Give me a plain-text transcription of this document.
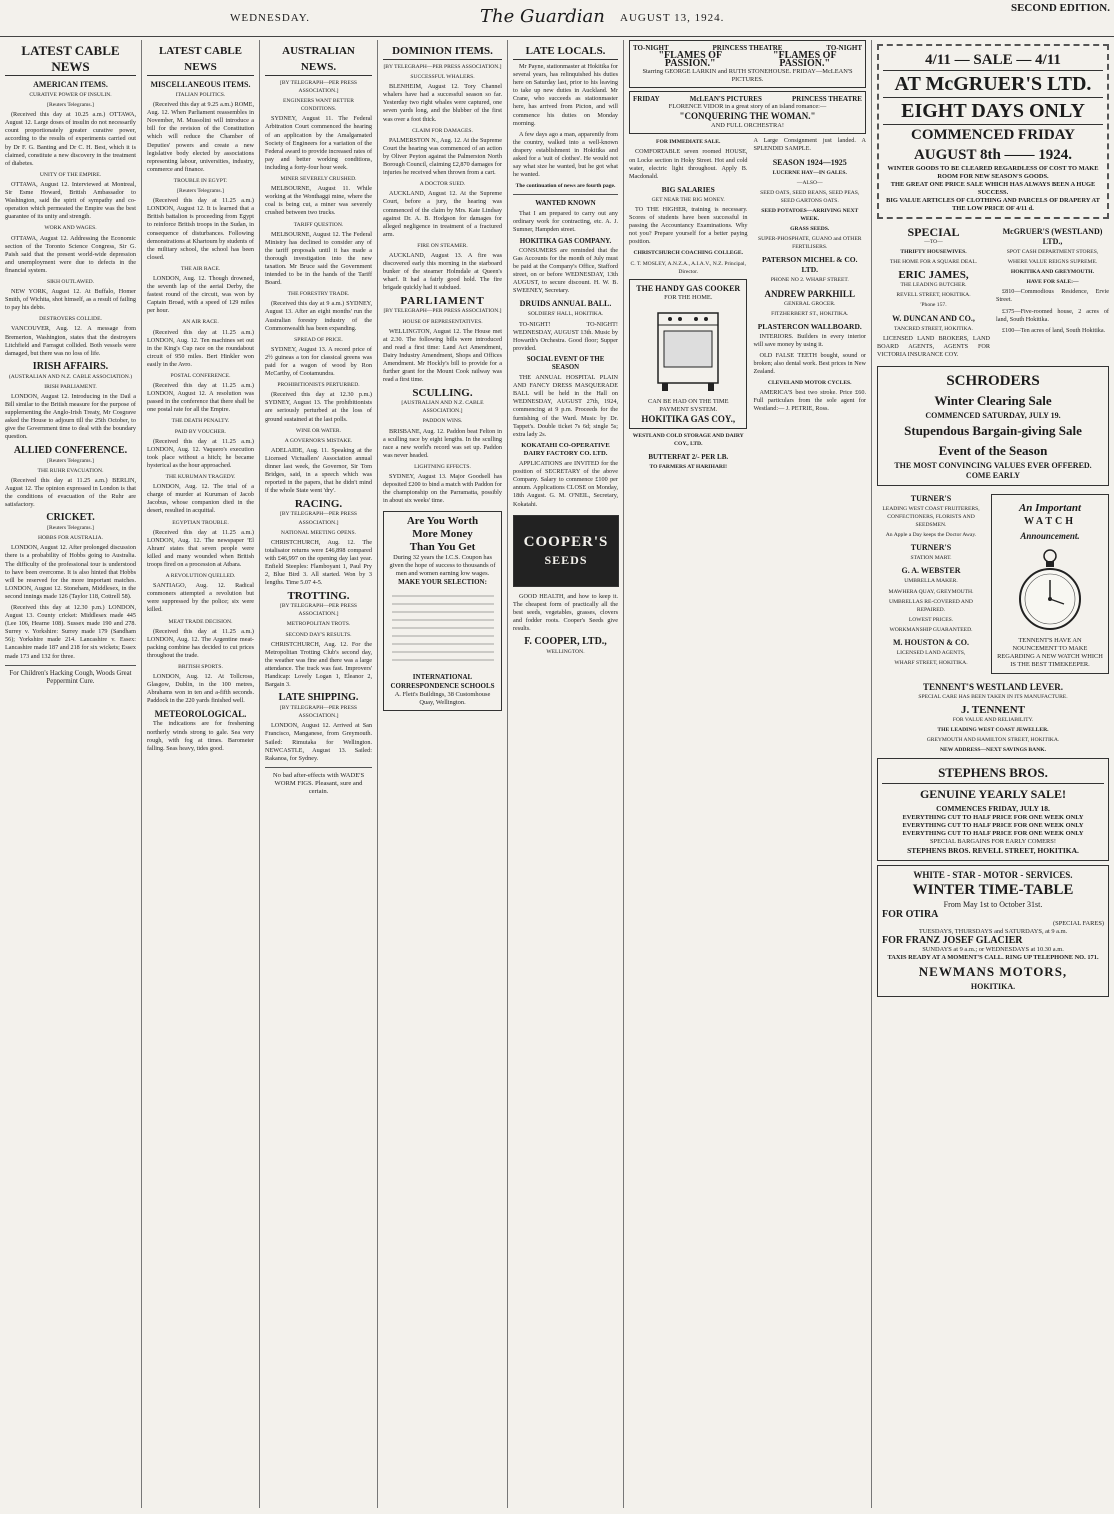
WEDNESDAY.	The Guardian AUGUST 13, 1924.
SECOND EDITION.
LATEST CABLE NEWS
AMERICAN ITEMS.
CURATIVE POWER OF INSULIN.
[Reuters Telegrams.]
(Received this day at 10.25 a.m.) OTTAWA, August 12. Large doses of insulin do not necessarily count proportionately greater curative power, according to the results of experiments carried out by Dr F. G. Banting and Dr C. H. Best, which it is claimed, constitute a new discovery in the treatment of diabetes.
UNITY OF THE EMPIRE.
OTTAWA, August 12. Interviewed at Montreal, Sir Esme Howard, British Ambassador to Washington, said the spirit of sympathy and co-operation which permeated the Empire was the best guarantee of its unity and strength.
WORK AND WAGES.
OTTAWA, August 12. Addressing the Economic section of the Toronto Science Congress, Sir G. Paish said that the present world-wide depression and unemployment were due to defects in the financial system.
SIKH OUTLAWED.
NEW YORK, August 12. At Buffalo, Homer Smith, of Wichita, shot himself, as a result of failing to pay his debts.
DESTROYERS COLLIDE.
VANCOUVER, Aug. 12. A message from Bremerton, Washington, states that the destroyers Litchfield and Farragut collided. Both vessels were damaged, but there was no loss of life.
IRISH AFFAIRS.
(AUSTRALIAN AND N.Z. CABLE ASSOCIATION.)
IRISH PARLIAMENT.
LONDON, August 12. Introducing in the Dail a Bill similar to the British measure for the purpose of supplementing the Anglo-Irish Treaty, Mr Cosgrave asked the House to adjourn till the 25th October, to give the Government time to deal with the boundary question.
ALLIED CONFERENCE.
[Reuters Telegrams.]
THE RUHR EVACUATION.
(Received this day at 11.25 a.m.) BERLIN, August 12. The opinion expressed in London is that the conditions of evacuation of the Ruhr are satisfactory.
CRICKET.
[Reuters Telegrams.]
HOBBS FOR AUSTRALIA.
LONDON, August 12. After prolonged discussion there is a probability of Hobbs going to Australia. The difficulty of the professional tour is understood to have been overcome. It is also hinted that Hobbs will be reserved for the more important matches. LONDON, August 12. Stoneham, Middlesex, in the second innings made 126 (Taylor 118, Cottrell 58).
(Received this day at 12.30 p.m.) LONDON, August 13. County cricket: Middlesex made 445 (Lee 106, Hearne 108). Sussex made 190 and 278. Surrey v. Yorkshire: Surrey made 179 (Sandham 56); Yorkshire made 214. Lancashire v. Essex: Lancashire made 187 and 218 for six wickets; Essex made 173 and 132 for three.
For Children's Hacking Cough, Woods Great Peppermint Cure.
LATEST CABLE NEWS
MISCELLANEOUS ITEMS.
ITALIAN POLITICS.
(Received this day at 9.25 a.m.) ROME, Aug. 12. When Parliament reassembles in November, M. Mussolini will introduce a bill for the revision of the Constitution which will reduce the Chamber of Deputies' powers and create a new legislative body elected by associations representing labour, universities, industry, commerce and finance.
TROUBLE IN EGYPT.
[Reuters Telegrams.]
(Received this day at 11.25 a.m.) LONDON, August 12. It is learned that a British battalion is proceeding from Egypt to reinforce British troops in the Sudan, in consequence of disturbances. Following demonstrations at Khartoum by students of the military school, the school has been closed.
THE AIR RACE.
LONDON, Aug. 12. Though drowned, the seventh lap of the aerial Derby, the fastest round of the circuit, was won by Captain Broad, with a speed of 129 miles per hour.
AN AIR RACE.
(Received this day at 11.25 a.m.) LONDON, Aug. 12. Ten machines set out in the King's Cup race on the roundabout circuit of 950 miles. Bert Hinkler won easily in the Avro.
POSTAL CONFERENCE.
(Received this day at 11.25 a.m.) LONDON, August 12. A resolution was passed in the conference that there shall be one postal rate for all the Empire.
THE DEATH PENALTY.
PAID BY VOUCHER.
(Received this day at 11.25 a.m.) LONDON, Aug. 12. Vaquero's execution took place without a hitch; he became hysterical as the hour approached.
THE KURUMAN TRAGEDY.
LONDON, Aug. 12. The trial of a charge of murder at Kuruman of Jacob Jacobus, whose companion died in the desert, resulted in acquittal.
EGYPTIAN TROUBLE.
(Received this day at 11.25 a.m.) LONDON, Aug. 12. The newspaper 'El Ahram' states that seven people were killed and many wounded when British troops fired on a procession at Atbara.
A REVOLUTION QUELLED.
SANTIAGO, Aug. 12. Radical commoners attempted a revolution but were suppressed by the police; six were killed.
MEAT TRADE DECISION.
(Received this day at 11.25 a.m.) LONDON, Aug. 12. The Argentine meat-packing combine has decided to cut prices throughout the trade.
BRITISH SPORTS.
LONDON, Aug. 12. At Tollcross, Glasgow, Dublin, in the 100 metres, Abrahams won in ten and a-fifth seconds. Paddock in the 220 yards finished well.
METEOROLOGICAL.
The indications are for freshening northerly winds strong to gale. Sea very rough, with fog at times. Barometer falling. Seas heavy, tides good.
AUSTRALIAN NEWS.
[BY TELEGRAPH—PER PRESS ASSOCIATION.]
ENGINEERS WANT BETTER CONDITIONS.
SYDNEY, August 11. The Federal Arbitration Court commenced the hearing of an application by the Amalgamated Society of Engineers for a variation of the Federal award to provide increased rates of pay and better working conditions, including a forty-four hour week.
MINER SEVERELY CRUSHED.
MELBOURNE, August 11. While working at the Wonthaggi mine, where the coal is being cut, a miner was severely crushed between two trucks.
TARIFF QUESTION.
MELBOURNE, August 12. The Federal Ministry has declined to consider any of the tariff proposals until it has made a thorough investigation into the new taxation. Mr Bruce said the Government intended to be in the hands of the Tariff Board.
THE FORESTRY TRADE.
(Received this day at 9 a.m.) SYDNEY, August 13. After an eight months' run the Australian forestry industry of the Commonwealth has been expanding.
SPREAD OF PRICE.
SYDNEY, August 13. A record price of 2½ guineas a ton for classical greens was paid for a wagon of wood by Ron McCarthy, of Cootamundra.
PROHIBITIONISTS PERTURBED.
(Received this day at 12.30 p.m.) SYDNEY, August 13. The prohibitionists are seriously perturbed at the loss of ground sustained at the last polls.
WINE OR WATER.
A GOVERNOR'S MISTAKE.
ADELAIDE, Aug. 11. Speaking at the Licensed Victuallers' Association annual dinner last week, the Governor, Sir Tom Bridges, said, in a speech which was reported in the papers, that he didn't mind if the whole State went 'dry'.
RACING.
[BY TELEGRAPH—PER PRESS ASSOCIATION.]
NATIONAL MEETING OPENS.
CHRISTCHURCH, Aug. 12. The totalisator returns were £46,898 compared with £46,997 on the opening day last year. Enfield Steeples: Flamboyant 1, Paul Pry 2, Blue Bird 3. All started. Won by 3 lengths. Time 5.07 4-5.
TROTTING.
[BY TELEGRAPH—PER PRESS ASSOCIATION.]
METROPOLITAN TROTS.
SECOND DAY'S RESULTS.
CHRISTCHURCH, Aug. 12. For the Metropolitan Trotting Club's second day, the weather was fine and there was a large attendance. The track was fast. Improvers' Handicap: Lovely Logan 1, Eleanor 2, Bargain 3.
LATE SHIPPING.
[BY TELEGRAPH—PER PRESS ASSOCIATION.]
LONDON, August 12. Arrived at San Francisco, Manganese, from Greymouth. Sailed: Rimutaka for Wellington. NEWCASTLE, August 13. Sailed: Rakanoa, for Sydney.
No bad after-effects with WADE'S WORM FIGS. Pleasant, sure and certain.
DOMINION ITEMS.
[BY TELEGRAPH—PER PRESS ASSOCIATION.]
SUCCESSFUL WHALERS.
BLENHEIM, August 12. Tory Channel whalers have had a successful season so far. Yesterday two right whales were captured, one seven yards long, and the blubber of the first was over a foot thick.
CLAIM FOR DAMAGES.
PALMERSTON N., Aug. 12. At the Supreme Court the hearing was commenced of an action by Oliver Peyton against the Palmerston North Borough Council, claiming £2,870 damages for injuries he received when thrown from a cart.
A DOCTOR SUED.
AUCKLAND, August 12. At the Supreme Court, before a jury, the hearing was commenced of the claim by Mrs. Kate Lindsay against Dr. A. B. Hodgson for damages for alleged negligence in treatment of a fractured arm.
FIRE ON STEAMER.
AUCKLAND, August 13. A fire was discovered early this morning in the starboard bunker of the steamer Holmdale at Queen's wharf. It had a fairly good hold. The fire brigade quickly had it subdued.
PARLIAMENT
[BY TELEGRAPH—PER PRESS ASSOCIATION.]
HOUSE OF REPRESENTATIVES.
WELLINGTON, August 12. The House met at 2.30. The following bills were introduced and read a first time: Land Act Amendment, Dairy Industry Amendment, Shops and Offices Amendment. Mr Hockly's bill to provide for a further grant for the Mount Cook railway was read a first time.
SCULLING.
[AUSTRALIAN AND N.Z. CABLE ASSOCIATION.]
PADDON WINS.
BRISBANE, Aug. 12. Paddon beat Felton in a sculling race by eight lengths. In the sculling race a new world's record was set up. Paddon was never headed.
LIGHTNING EFFECTS.
SYDNEY, August 13. Major Goodsell has deposited £200 to bind a match with Paddon for the championship on the Parramatta, possibly in about six weeks' time.
Are You Worth
More Money
Than You Get
During 32 years the I.C.S. Coupon has given the hope of success to thousands of men and women earning low wages.
MAKE YOUR SELECTION:
INTERNATIONAL CORRESPONDENCE SCHOOLS
A. Flett's Buildings, 38 Customhouse Quay, Wellington.
LATE LOCALS.
Mr Payne, stationmaster at Hokitika for several years, has relinquished his duties here on Saturday last, prior to his leaving to take up new duties in Auckland. Mr Crane, who succeeds as stationmaster here, has arrived from Picton, and will commence his duties on Monday morning.
A few days ago a man, apparently from the country, walked into a well-known drapery establishment in Hokitika and asked for a 'suit of clothes'. He would not say what size he wanted, but he got what he wanted.
The continuation of news are fourth page.
WANTED KNOWN
That I am prepared to carry out any ordinary work for contracting, etc. A. J. Sumner, Hampden street.
HOKITIKA GAS COMPANY.
CONSUMERS are reminded that the Gas Accounts for the month of July must be paid at the Company's Office, Stafford street, on or before WEDNESDAY, 13th AUGUST, to secure discount. H. W. B. SWEENEY, Secretary.
DRUIDS ANNUAL BALL.
SOLDIERS' HALL, HOKITIKA.
TO-NIGHT! TO-NIGHT! WEDNESDAY, AUGUST 13th. Music by Howarth's Orchestra. Good floor; Supper provided.
SOCIAL EVENT OF THE SEASON
THE ANNUAL HOSPITAL PLAIN AND FANCY DRESS MASQUERADE BALL will be held in the Hall on WEDNESDAY, AUGUST 27th, 1924, commencing at 9 p.m. Proceeds for the furnishing of the Ward. Music by Dr. Tappet's. Double ticket 7s 6d; single 5s; extra lady 2s.
KOKATAHI CO-OPERATIVE DAIRY FACTORY CO. LTD.
APPLICATIONS are INVITED for the position of SECRETARY of the above Company. Salary to commence £100 per annum. Applications CLOSE on Monday, 18th August. G. M. O'NEIL, Secretary, Kokatahi.
COOPER'S
SEEDS
GOOD HEALTH, and how to keep it. The cheapest form of practically all the best seeds, vegetables, grasses, clovers and fodder roots. Cooper's Seeds give results.
F. COOPER, LTD.,
WELLINGTON.
TO-NIGHT	PRINCESS THEATRE	TO-NIGHT
"FLAMES OF PASSION."
"FLAMES OF PASSION."
Starring GEORGE LARKIN and RUTH STONEHOUSE. FRIDAY—McLEAN'S PICTURES.
FRIDAY	McLEAN'S PICTURES	PRINCESS THEATRE
FLORENCE VIDOR in a great story of an island romance:—
"CONQUERING THE WOMAN."
AND FULL ORCHESTRA!
FOR IMMEDIATE SALE.
COMFORTABLE seven roomed HOUSE, on Locke section in Hoky Street. Hot and cold water, electric light throughout. Apply B. Macdonald.
BIG SALARIES
GET NEAR THE BIG MONEY.
TO THE HIGHER, training is necessary. Scores of students have been successful in passing the Accountancy Examinations. Why not you? Prepare yourself for a better paying position.
CHRISTCHURCH COACHING COLLEGE.
C. T. MOSLEY, A.N.Z.A., A.I.A.V., N.Z. Principal, Director.
THE HANDY GAS COOKER
FOR THE HOME.
CAN BE HAD ON THE TIME PAYMENT SYSTEM.
HOKITIKA GAS COY.,
WESTLAND COLD STORAGE AND DAIRY COY., LTD.
BUTTERFAT 2/- PER LB.
TO FARMERS AT HARIHARI!
A Large Consignment just landed. A SPLENDID SAMPLE.
SEASON 1924—1925
LUCERNE HAY—IN GALES.
—ALSO—
SEED OATS, SEED BEANS, SEED PEAS, SEED GARTONS OATS.
SEED POTATOES—ARRIVING NEXT WEEK.
GRASS SEEDS.
SUPER-PHOSPHATE, GUANO and OTHER FERTILISERS.
PATERSON MICHEL & CO. LTD.
PHONE NO 2. WHARF STREET.
ANDREW PARKHILL
GENERAL GROCER.
FITZHERBERT ST., HOKITIKA.
PLASTERCON WALLBOARD.
INTERIORS. Builders in every interior will save money by using it.
OLD FALSE TEETH bought, sound or broken; also dental work. Best prices in New Zealand.
CLEVELAND MOTOR CYCLES.
AMERICA'S best two stroke. Price £60. Full particulars from the sole agent for Westland:— J. PETRIE, Ross.
4/11 — SALE — 4/11
AT McGRUER'S LTD.
EIGHT DAYS ONLY
COMMENCED FRIDAY
AUGUST 8th —— 1924.
WINTER GOODS TO BE CLEARED REGARDLESS OF COST TO MAKE ROOM FOR NEW SEASON'S GOODS.
THE GREAT ONE PRICE SALE WHICH HAS ALWAYS BEEN A HUGE SUCCESS.
BIG VALUE ARTICLES OF CLOTHING AND PARCELS OF DRAPERY AT THE LOW PRICE OF 4/11 d.
SPECIAL
—TO—
THRIFTY HOUSEWIVES.
THE HOME FOR A SQUARE DEAL.
ERIC JAMES,
THE LEADING BUTCHER.
REVELL STREET, HOKITIKA.
'Phone 157.
W. DUNCAN AND CO.,
TANCRED STREET, HOKITIKA.
LICENSED LAND BROKERS, LAND BOARD AGENTS, AGENTS FOR VICTORIA INSURANCE COY.
McGRUER'S (WESTLAND) LTD.,
SPOT CASH DEPARTMENT STORES,
WHERE VALUE REIGNS SUPREME.
HOKITIKA AND GREYMOUTH.
HAVE FOR SALE:—
£810—Commodious Residence, Ervie Street.
£375—Five-roomed house, 2 acres of land, South Hokitika.
£100—Ten acres of land, South Hokitika.
SCHRODERS
Winter Clearing Sale
COMMENCED SATURDAY, JULY 19.
Stupendous Bargain-giving Sale
Event of the Season
THE MOST CONVINCING VALUES EVER OFFERED.
COME EARLY
TURNER'S
LEADING WEST COAST FRUITERERS, CONFECTIONERS, FLORISTS AND SEEDSMEN.
An Apple a Day keeps the Doctor Away.
TURNER'S
STATION MART.
G. A. WEBSTER
UMBRELLA MAKER.
MAWHERA QUAY, GREYMOUTH.
UMBRELLAS RE-COVERED AND REPAIRED.
LOWEST PRICES.
WORKMANSHIP GUARANTEED.
M. HOUSTON & CO.
LICENSED LAND AGENTS,
WHARF STREET, HOKITIKA.
An Important
WATCH
Announcement.
TENNENT'S HAVE AN NOUNCEMENT TO MAKE REGARDING A NEW WATCH WHICH IS THE BEST TIMEKEEPER.
TENNENT'S WESTLAND LEVER.
SPECIAL CARE HAS BEEN TAKEN IN ITS MANUFACTURE.
J. TENNENT
FOR VALUE AND RELIABILITY.
THE LEADING WEST COAST JEWELLER.
GREYMOUTH AND HAMILTON STREET, HOKITIKA.
NEW ADDRESS—NEXT SAVINGS BANK.
STEPHENS BROS.
GENUINE YEARLY SALE!
COMMENCES FRIDAY, JULY 18.
EVERYTHING CUT TO HALF PRICE FOR ONE WEEK ONLY
EVERYTHING CUT TO HALF PRICE FOR ONE WEEK ONLY
EVERYTHING CUT TO HALF PRICE FOR ONE WEEK ONLY
SPECIAL BARGAINS FOR EARLY COMERS!
STEPHENS BROS. REVELL STREET, HOKITIKA.
WHITE - STAR - MOTOR - SERVICES.
WINTER TIME-TABLE
From May 1st to October 31st.
FOR OTIRA
(SPECIAL FARES)
TUESDAYS, THURSDAYS and SATURDAYS, at 9 a.m.
FOR FRANZ JOSEF GLACIER
SUNDAYS at 9 a.m.; or WEDNESDAYS at 10.30 a.m.
TAXIS READY AT A MOMENT'S CALL. RING UP TELEPHONE NO. 171.
NEWMANS MOTORS,
HOKITIKA.
